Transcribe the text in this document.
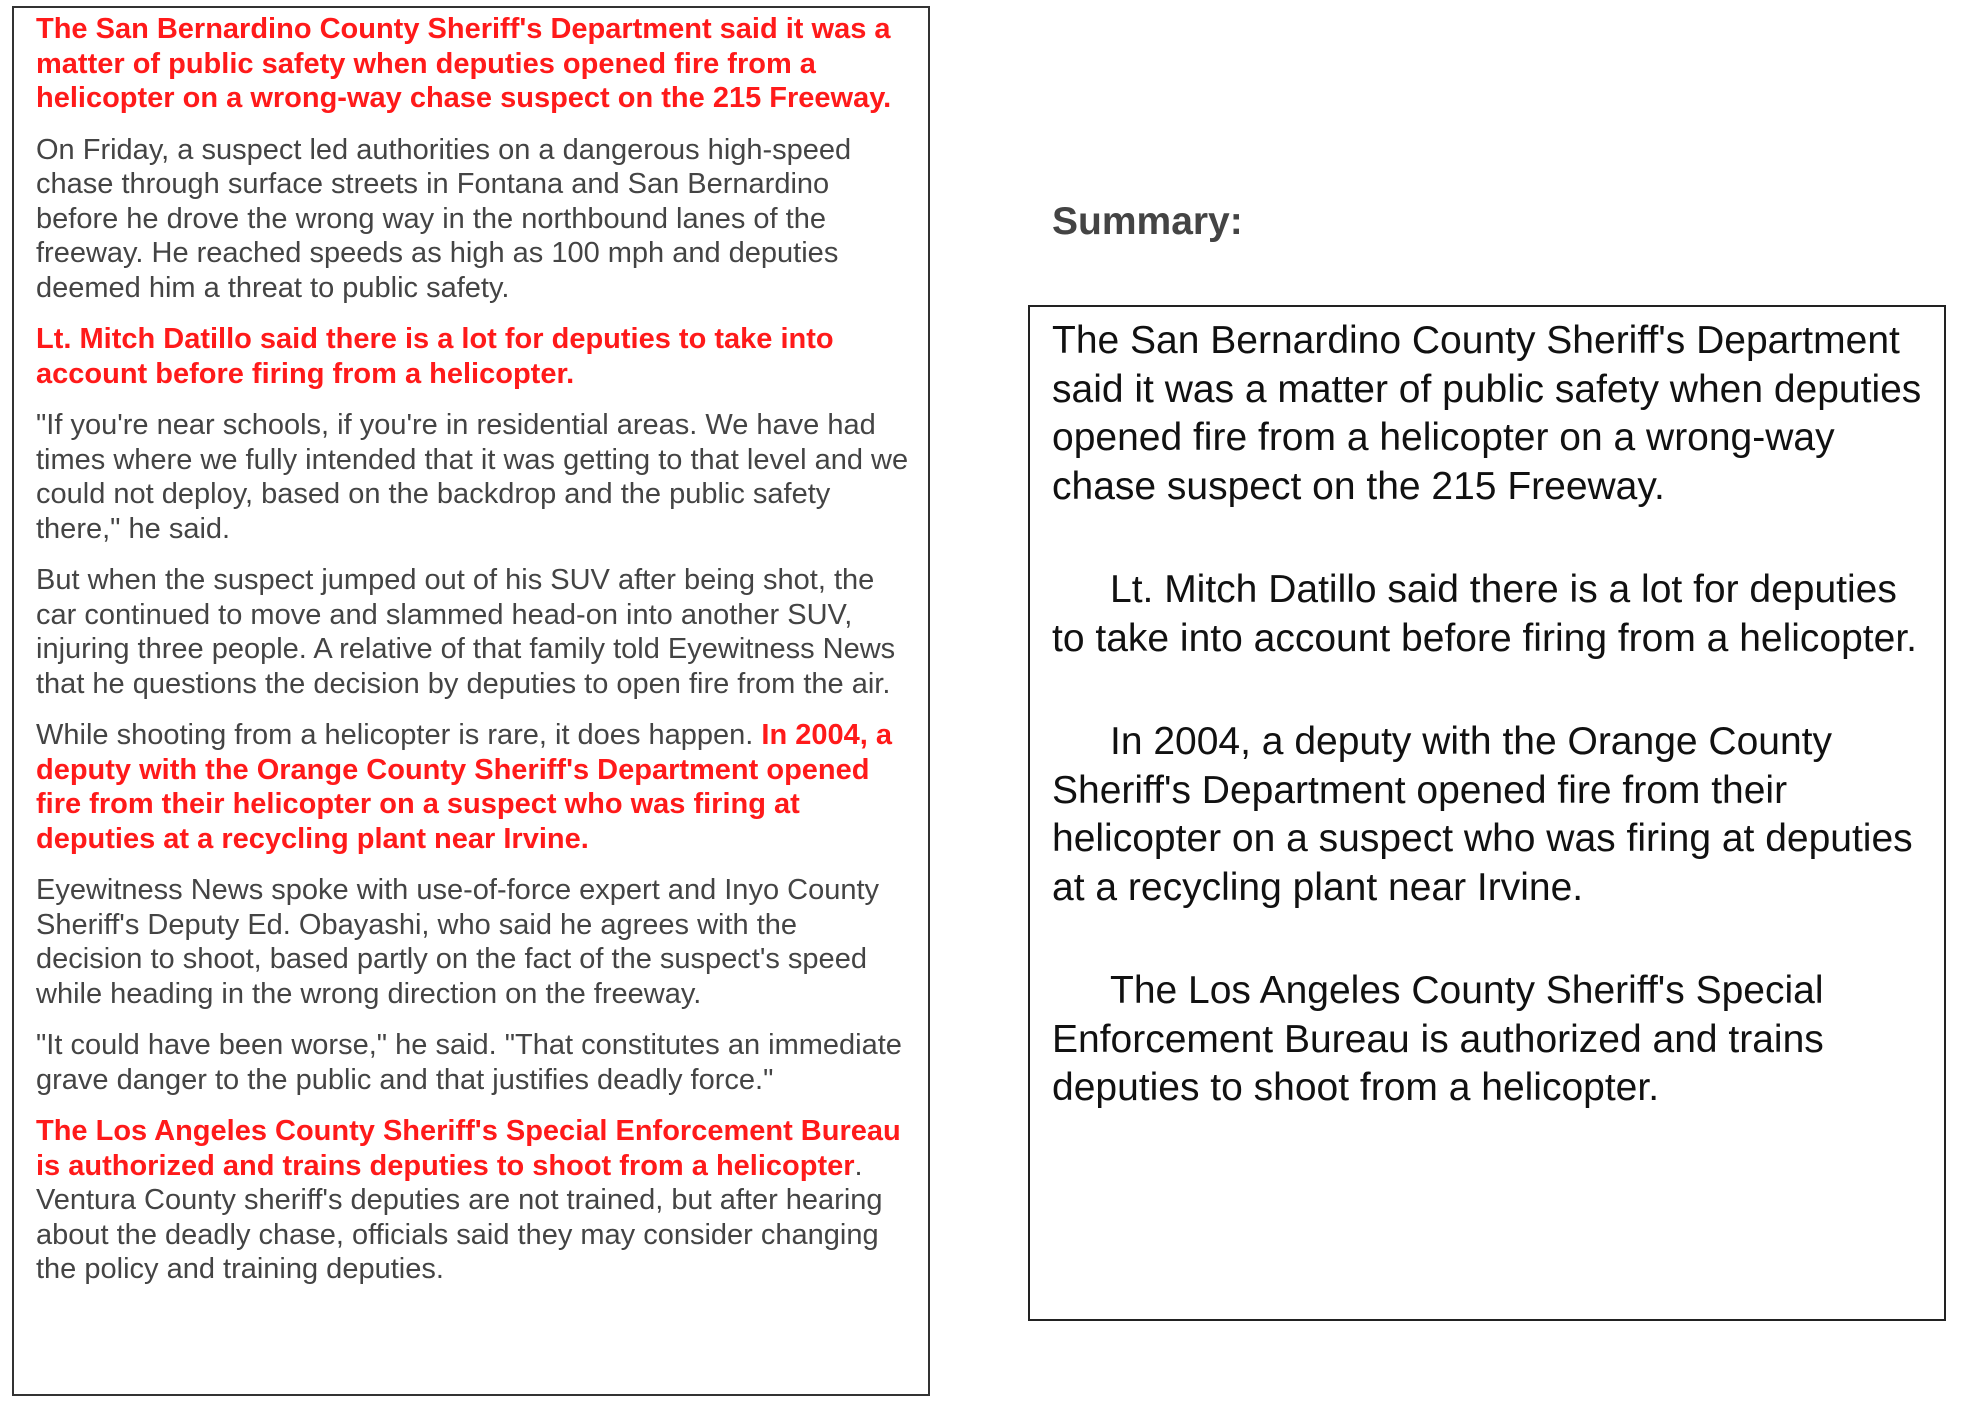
The San Bernardino County Sheriff's Department said it was a matter of public safety when deputies opened fire from a helicopter on a wrong-way chase suspect on the 215 Freeway.

On Friday, a suspect led authorities on a dangerous high-speed chase through surface streets in Fontana and San Bernardino before he drove the wrong way in the northbound lanes of the freeway. He reached speeds as high as 100 mph and deputies deemed him a threat to public safety.

Lt. Mitch Datillo said there is a lot for deputies to take into account before firing from a helicopter.

"If you're near schools, if you're in residential areas. We have had times where we fully intended that it was getting to that level and we could not deploy, based on the backdrop and the public safety there," he said.

But when the suspect jumped out of his SUV after being shot, the car continued to move and slammed head-on into another SUV, injuring three people. A relative of that family told Eyewitness News that he questions the decision by deputies to open fire from the air.

While shooting from a helicopter is rare, it does happen. In 2004, a deputy with the Orange County Sheriff's Department opened fire from their helicopter on a suspect who was firing at deputies at a recycling plant near Irvine.

Eyewitness News spoke with use-of-force expert and Inyo County Sheriff's Deputy Ed. Obayashi, who said he agrees with the decision to shoot, based partly on the fact of the suspect's speed while heading in the wrong direction on the freeway.

"It could have been worse," he said. "That constitutes an immediate grave danger to the public and that justifies deadly force."

The Los Angeles County Sheriff's Special Enforcement Bureau is authorized and trains deputies to shoot from a helicopter. Ventura County sheriff's deputies are not trained, but after hearing about the deadly chase, officials said they may consider changing the policy and training deputies.

Summary:

The San Bernardino County Sheriff's Department said it was a matter of public safety when deputies opened fire from a helicopter on a wrong-way chase suspect on the 215 Freeway.

Lt. Mitch Datillo said there is a lot for deputies to take into account before firing from a helicopter.

In 2004, a deputy with the Orange County Sheriff's Department opened fire from their helicopter on a suspect who was firing at deputies at a recycling plant near Irvine.

The Los Angeles County Sheriff's Special Enforcement Bureau is authorized and trains deputies to shoot from a helicopter.
